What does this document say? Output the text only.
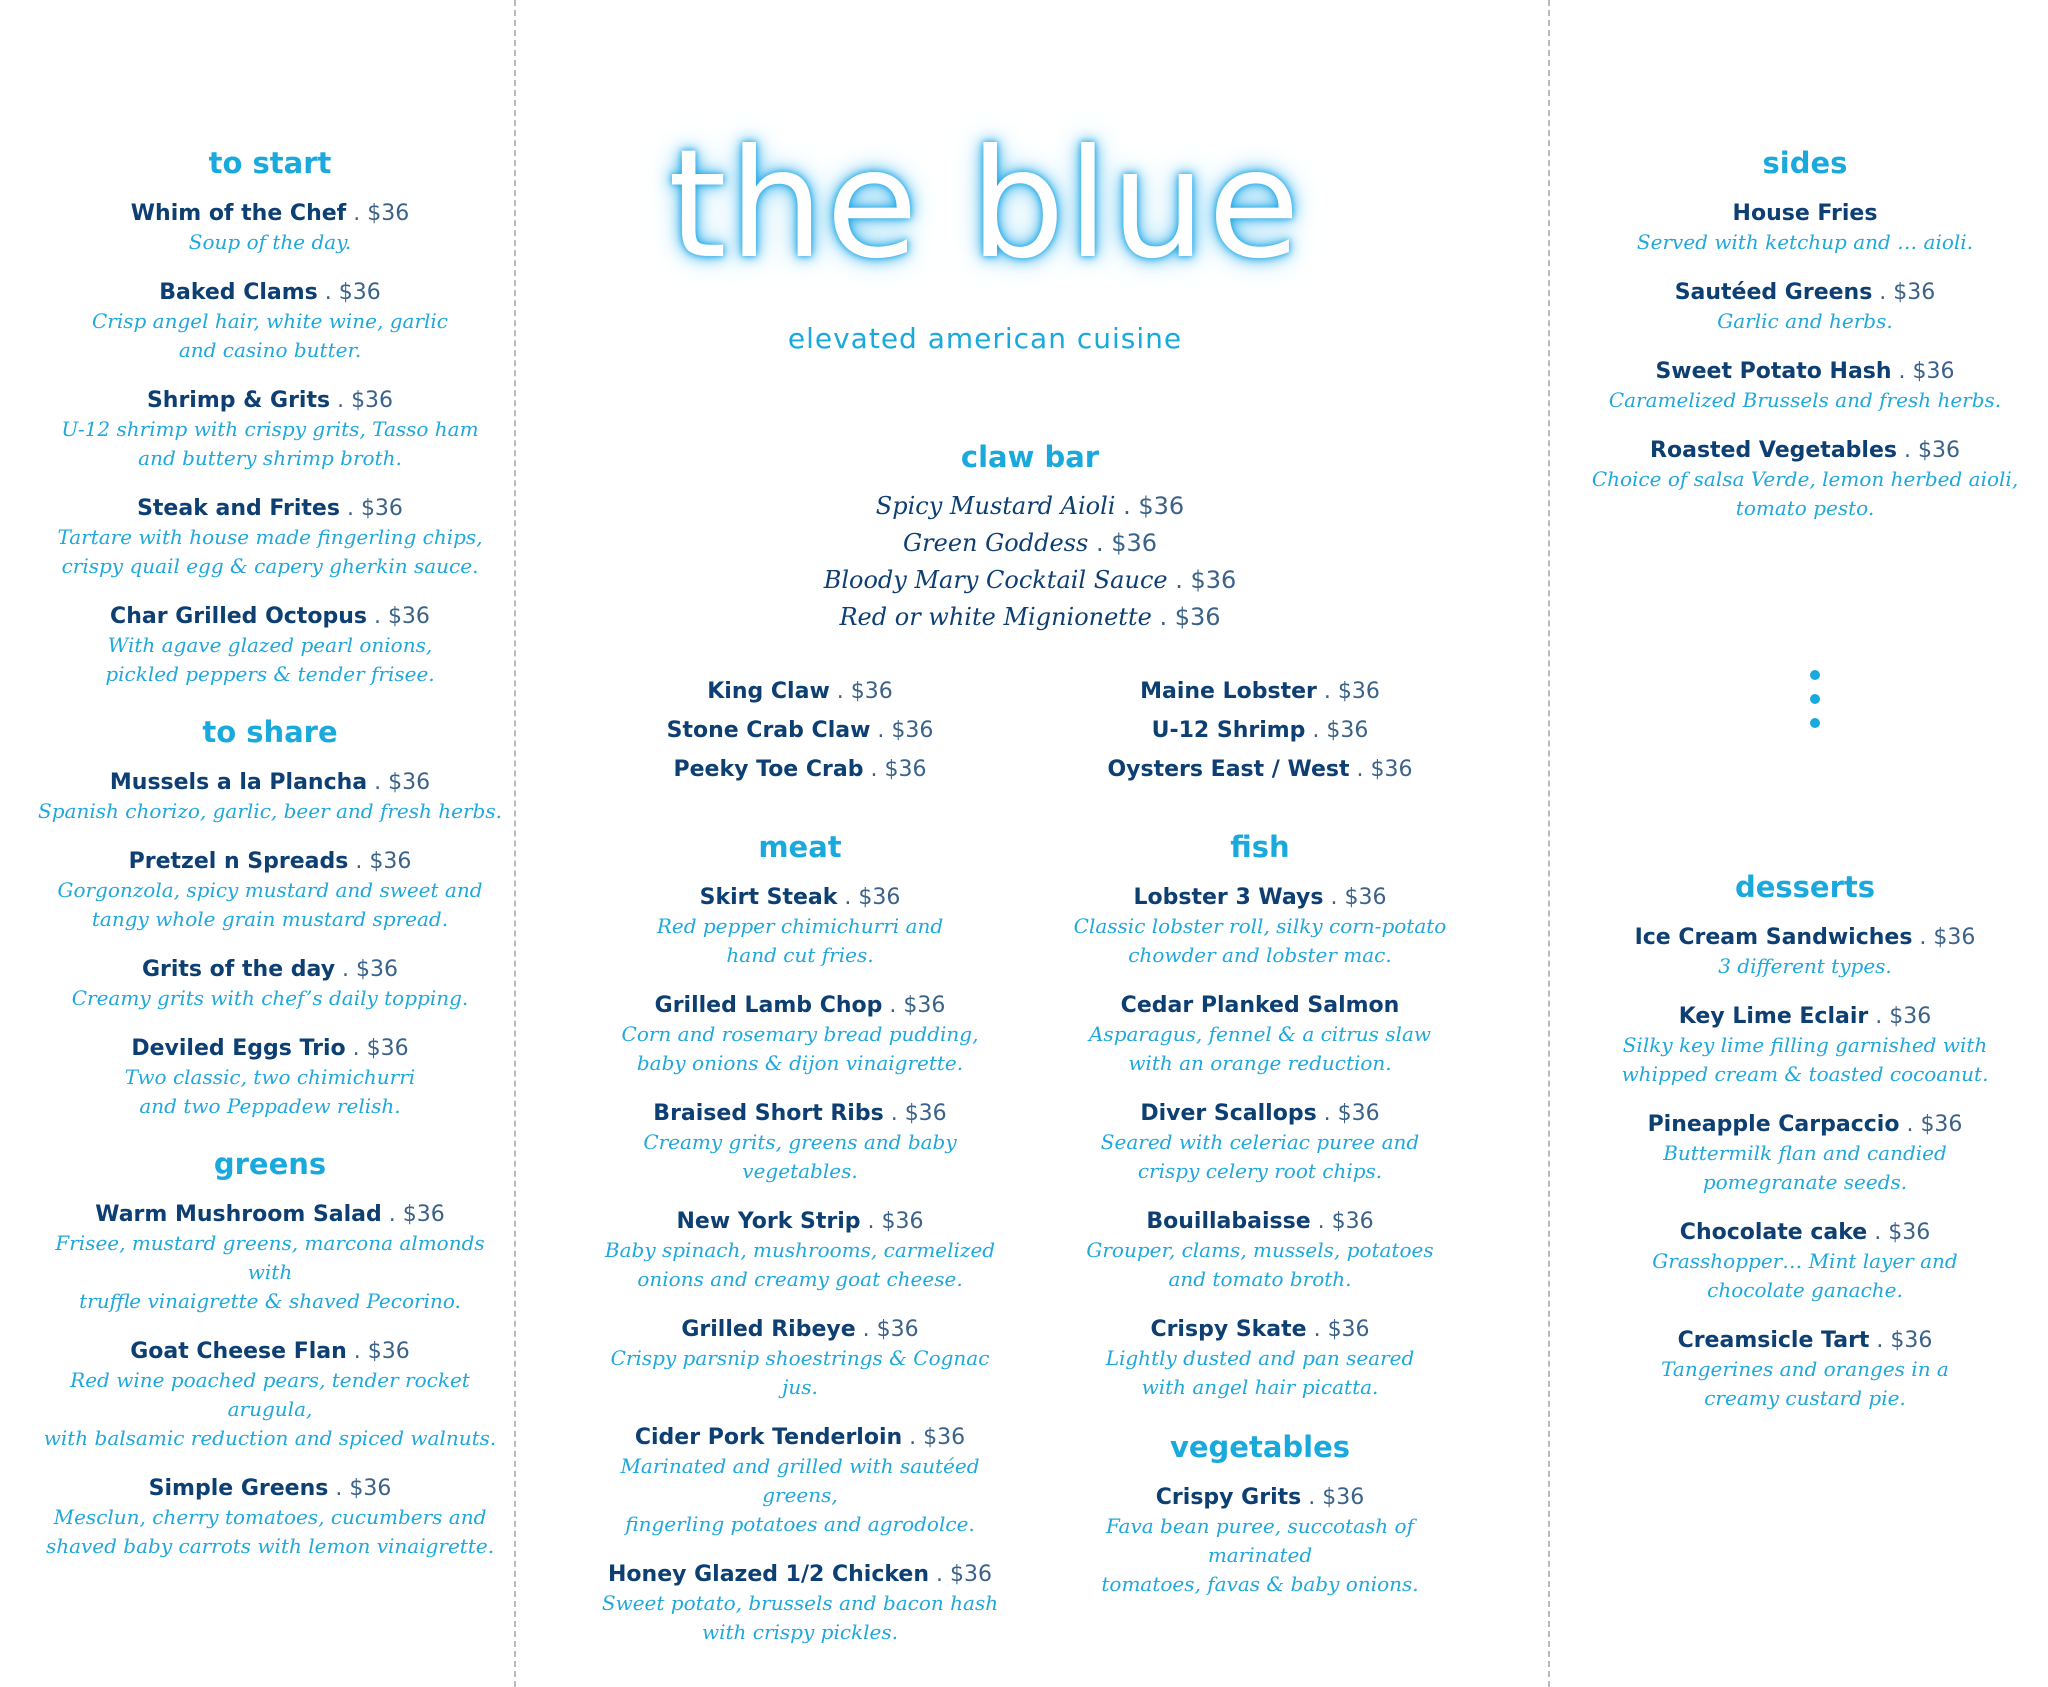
to start
Whim of the Chef . $36
Soup of the day.
Baked Clams . $36
Crisp angel hair, white wine, garlic
and casino butter.
Shrimp & Grits . $36
U-12 shrimp with crispy grits, Tasso ham
and buttery shrimp broth.
Steak and Frites . $36
Tartare with house made fingerling chips,
crispy quail egg & capery gherkin sauce.
Char Grilled Octopus . $36
With agave glazed pearl onions,
pickled peppers & tender frisee.
to share
Mussels a la Plancha . $36
Spanish chorizo, garlic, beer and fresh herbs.
Pretzel n Spreads . $36
Gorgonzola, spicy mustard and sweet and
tangy whole grain mustard spread.
Grits of the day . $36
Creamy grits with chef’s daily topping.
Deviled Eggs Trio . $36
Two classic, two chimichurri
and two Peppadew relish.
greens
Warm Mushroom Salad . $36
Frisee, mustard greens, marcona almonds with
truffle vinaigrette & shaved Pecorino.
Goat Cheese Flan . $36
Red wine poached pears, tender rocket arugula,
with balsamic reduction and spiced walnuts.
Simple Greens . $36
Mesclun, cherry tomatoes, cucumbers and
shaved baby carrots with lemon vinaigrette.
the blue
elevated american cuisine
claw bar
Spicy Mustard Aioli . $36
Green Goddess . $36
Bloody Mary Cocktail Sauce . $36
Red or white Mignionette . $36
King Claw . $36
Stone Crab Claw . $36
Peeky Toe Crab . $36
Maine Lobster . $36
U-12 Shrimp . $36
Oysters East / West . $36
meat
Skirt Steak . $36
Red pepper chimichurri and
hand cut fries.
Grilled Lamb Chop . $36
Corn and rosemary bread pudding,
baby onions & dijon vinaigrette.
Braised Short Ribs . $36
Creamy grits, greens and baby vegetables.
New York Strip . $36
Baby spinach, mushrooms, carmelized
onions and creamy goat cheese.
Grilled Ribeye . $36
Crispy parsnip shoestrings & Cognac jus.
Cider Pork Tenderloin . $36
Marinated and grilled with sautéed greens,
fingerling potatoes and agrodolce.
Honey Glazed 1/2 Chicken . $36
Sweet potato, brussels and bacon hash
with crispy pickles.
fish
Lobster 3 Ways . $36
Classic lobster roll, silky corn-potato
chowder and lobster mac.
Cedar Planked Salmon
Asparagus, fennel & a citrus slaw
with an orange reduction.
Diver Scallops . $36
Seared with celeriac puree and
crispy celery root chips.
Bouillabaisse . $36
Grouper, clams, mussels, potatoes
and tomato broth.
Crispy Skate . $36
Lightly dusted and pan seared
with angel hair picatta.
vegetables
Crispy Grits . $36
Fava bean puree, succotash of marinated
tomatoes, favas & baby onions.
sides
House Fries
Served with ketchup and … aioli.
Sautéed Greens . $36
Garlic and herbs.
Sweet Potato Hash . $36
Caramelized Brussels and fresh herbs.
Roasted Vegetables . $36
Choice of salsa Verde, lemon herbed aioli,
tomato pesto.
desserts
Ice Cream Sandwiches . $36
3 different types.
Key Lime Eclair . $36
Silky key lime filling garnished with
whipped cream & toasted cocoanut.
Pineapple Carpaccio . $36
Buttermilk flan and candied
pomegranate seeds.
Chocolate cake . $36
Grasshopper… Mint layer and
chocolate ganache.
Creamsicle Tart . $36
Tangerines and oranges in a
creamy custard pie.
